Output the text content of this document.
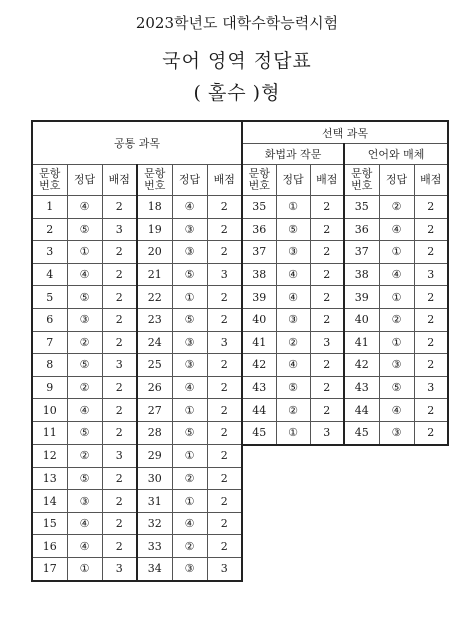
2023학년도 대학수학능력시험
국어 영역 정답표
( 홀수 )형
공통 과목						선택 과목					
						화법과 작문			언어와 매체		
문항 번호	정답	배점	문항 번호	정답	배점	문항 번호	정답	배점	문항 번호	정답	배점
1	④	2	18	④	2	35	①	2	35	②	2
2	⑤	3	19	③	2	36	⑤	2	36	④	2
3	①	2	20	③	2	37	③	2	37	①	2
4	④	2	21	⑤	3	38	④	2	38	④	3
5	⑤	2	22	①	2	39	④	2	39	①	2
6	③	2	23	⑤	2	40	③	2	40	②	2
7	②	2	24	③	3	41	②	3	41	①	2
8	⑤	3	25	③	2	42	④	2	42	③	2
9	②	2	26	④	2	43	⑤	2	43	⑤	3
10	④	2	27	①	2	44	②	2	44	④	2
11	⑤	2	28	⑤	2	45	①	3	45	③	2
12	②	3	29	①	2						
13	⑤	2	30	②	2						
14	③	2	31	①	2						
15	④	2	32	④	2						
16	④	2	33	②	2						
17	①	3	34	③	3						
